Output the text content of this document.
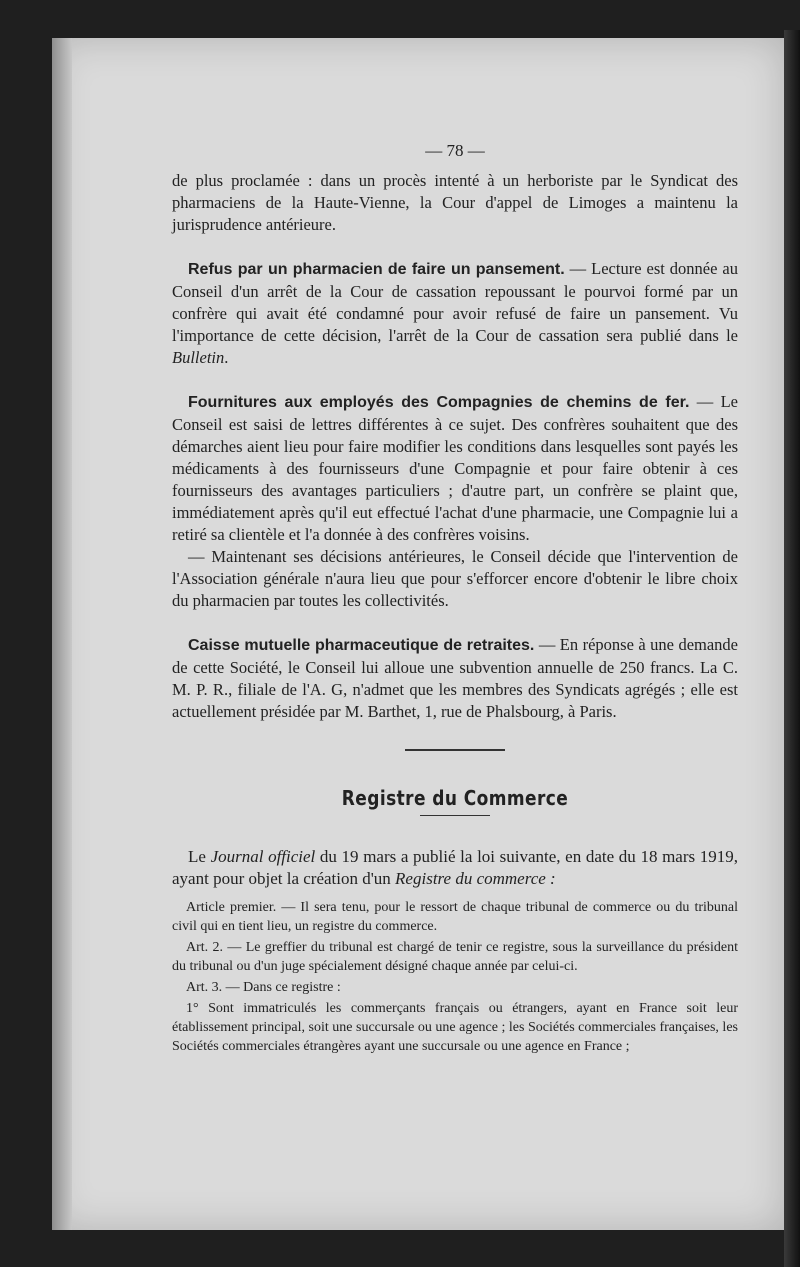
— 78 —

de plus proclamée : dans un procès intenté à un herboriste par le Syndicat des pharmaciens de la Haute-Vienne, la Cour d'appel de Limoges a maintenu la jurisprudence antérieure.

Refus par un pharmacien de faire un pansement. — Lecture est donnée au Conseil d'un arrêt de la Cour de cassation repoussant le pourvoi formé par un confrère qui avait été condamné pour avoir refusé de faire un pansement. Vu l'importance de cette décision, l'arrêt de la Cour de cassation sera publié dans le Bulletin.

Fournitures aux employés des Compagnies de chemins de fer. — Le Conseil est saisi de lettres différentes à ce sujet. Des confrères souhaitent que des démarches aient lieu pour faire modifier les conditions dans lesquelles sont payés les médicaments à des fournisseurs d'une Compagnie et pour faire obtenir à ces fournisseurs des avantages particuliers ; d'autre part, un confrère se plaint que, immédiatement après qu'il eut effectué l'achat d'une pharmacie, une Compagnie lui a retiré sa clientèle et l'a donnée à des confrères voisins.

— Maintenant ses décisions antérieures, le Conseil décide que l'intervention de l'Association générale n'aura lieu que pour s'efforcer encore d'obtenir le libre choix du pharmacien par toutes les collectivités.

Caisse mutuelle pharmaceutique de retraites. — En réponse à une demande de cette Société, le Conseil lui alloue une subvention annuelle de 250 francs. La C. M. P. R., filiale de l'A. G, n'admet que les membres des Syndicats agrégés ; elle est actuellement présidée par M. Barthet, 1, rue de Phalsbourg, à Paris.

Registre du Commerce

Le Journal officiel du 19 mars a publié la loi suivante, en date du 18 mars 1919, ayant pour objet la création d'un Registre du commerce :

Article premier. — Il sera tenu, pour le ressort de chaque tribunal de commerce ou du tribunal civil qui en tient lieu, un registre du commerce.

Art. 2. — Le greffier du tribunal est chargé de tenir ce registre, sous la surveillance du président du tribunal ou d'un juge spécialement désigné chaque année par celui-ci.

Art. 3. — Dans ce registre :

1° Sont immatriculés les commerçants français ou étrangers, ayant en France soit leur établissement principal, soit une succursale ou une agence ; les Sociétés commerciales françaises, les Sociétés commerciales étrangères ayant une succursale ou une agence en France ;
